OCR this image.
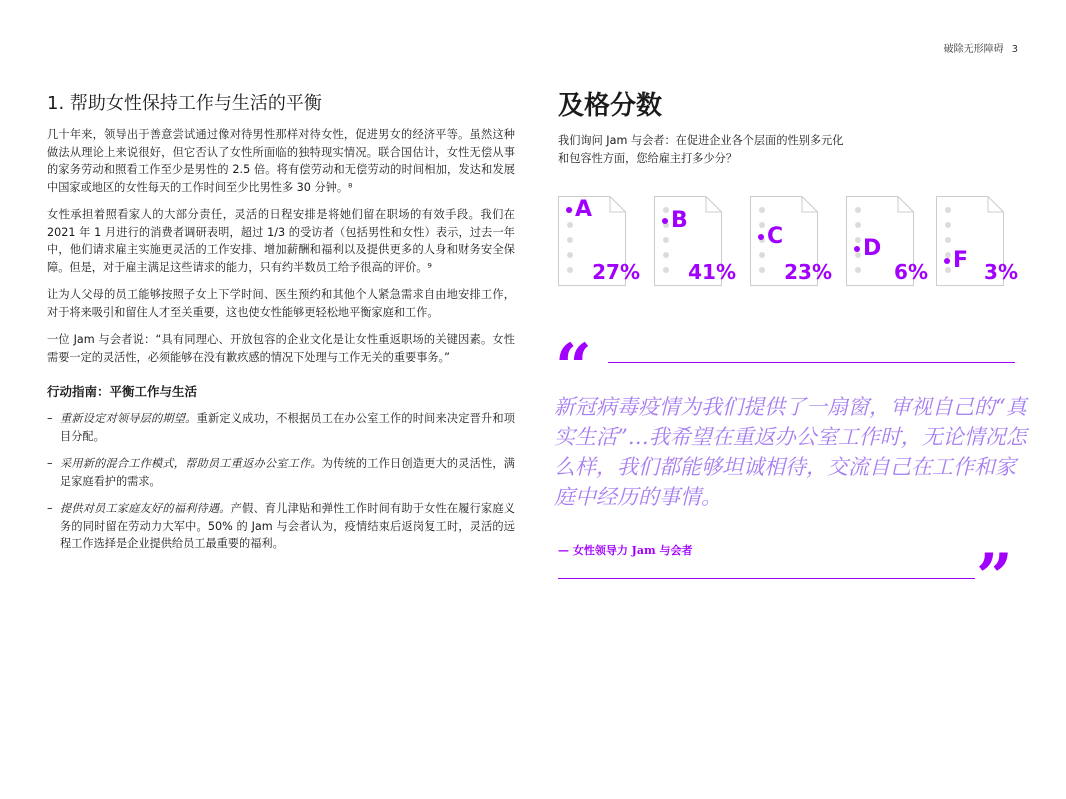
破除无形障碍 3
1. 帮助女性保持工作与生活的平衡

几十年来，领导出于善意尝试通过像对待男性那样对待女性，促进男女的经济平等。虽然这种做法从理论上来说很好，但它否认了女性所面临的独特现实情况。联合国估计，女性无偿从事的家务劳动和照看工作至少是男性的 2.5 倍。将有偿劳动和无偿劳动的时间相加，发达和发展中国家或地区的女性每天的工作时间至少比男性多 30 分钟。⁸

女性承担着照看家人的大部分责任，灵活的日程安排是将她们留在职场的有效手段。我们在 2021 年 1 月进行的消费者调研表明，超过 1/3 的受访者（包括男性和女性）表示，过去一年中，他们请求雇主实施更灵活的工作安排、增加薪酬和福利以及提供更多的人身和财务安全保障。但是，对于雇主满足这些请求的能力，只有约半数员工给予很高的评价。⁹

让为人父母的员工能够按照子女上下学时间、医生预约和其他个人紧急需求自由地安排工作，对于将来吸引和留住人才至关重要，这也使女性能够更轻松地平衡家庭和工作。

一位 Jam 与会者说：“具有同理心、开放包容的企业文化是让女性重返职场的关键因素。女性需要一定的灵活性，必须能够在没有歉疚感的情况下处理与工作无关的重要事务。”

行动指南：平衡工作与生活
– 重新设定对领导层的期望。重新定义成功，不根据员工在办公室工作的时间来决定晋升和项目分配。
– 采用新的混合工作模式，帮助员工重返办公室工作。为传统的工作日创造更大的灵活性，满足家庭看护的需求。
– 提供对员工家庭友好的福利待遇。产假、育儿津贴和弹性工作时间有助于女性在履行家庭义务的同时留在劳动力大军中。50% 的 Jam 与会者认为，疫情结束后返岗复工时，灵活的远程工作选择是企业提供给员工最重要的福利。
及格分数

我们询问 Jam 与会者：在促进企业各个层面的性别多元化和包容性方面，您给雇主打多少分？

A
27%
B
41%
C
23%
D
6%	F 3%
“

新冠病毒疫情为我们提供了一扇窗，审视自己的“真实生活”…我希望在重返办公室工作时，无论情况怎么样，我们都能够坦诚相待，交流自己在工作和家庭中经历的事情。

— 女性领导力 Jam 与会者	”
